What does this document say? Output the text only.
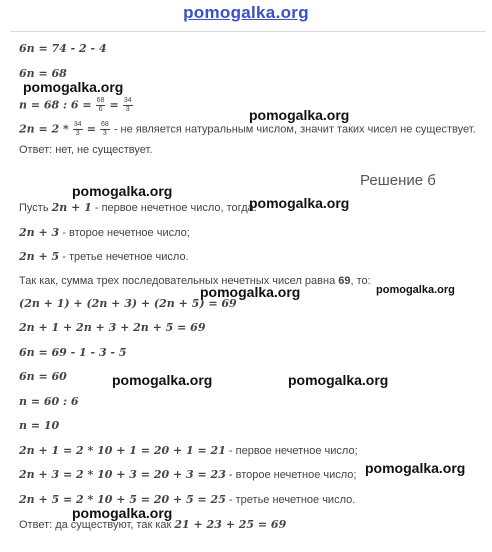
pomogalka.org
6n = 74 - 2 - 4
6n = 68
n = 68 : $6 = \frac{68}{6} = \frac{34}{3}$
$2n = 2 * \frac{34}{3} = \frac{68}{3}$ - не является натуральным числом, значит таких чисел не существует.
Ответ: нет, не существует.
Решение б
Пусть 2n + 1 - первое нечетное число, тогда:
2n + 3 - второе нечетное число;
2n + 5 - третье нечетное число.
Так как, сумма трех последовательных нечетных чисел равна 69, то:
(2n + 1) + (2n + 3) + (2n + 5) = 69
2n + 1 + 2n + 3 + 2n + 5 = 69
6n = 69 - 1 - 3 - 5
6n = 60
n = 60 : 6
n = 10
2n + 1 = 2 * 10 + 1 = 20 + 1 = 21 - первое нечетное число;
2n + 3 = 2 * 10 + 3 = 20 + 3 = 23 - второе нечетное число;
2n + 5 = 2 * 10 + 5 = 20 + 5 = 25 - третье нечетное число.
Ответ: да существуют, так как 21 + 23 + 25 = 69
pomogalka.org
pomogalka.org
pomogalka.org
pomogalka.org
pomogalka.org	pomogalka.org
pomogalka.org	pomogalka.org
pomogalka.org
pomogalka.org
